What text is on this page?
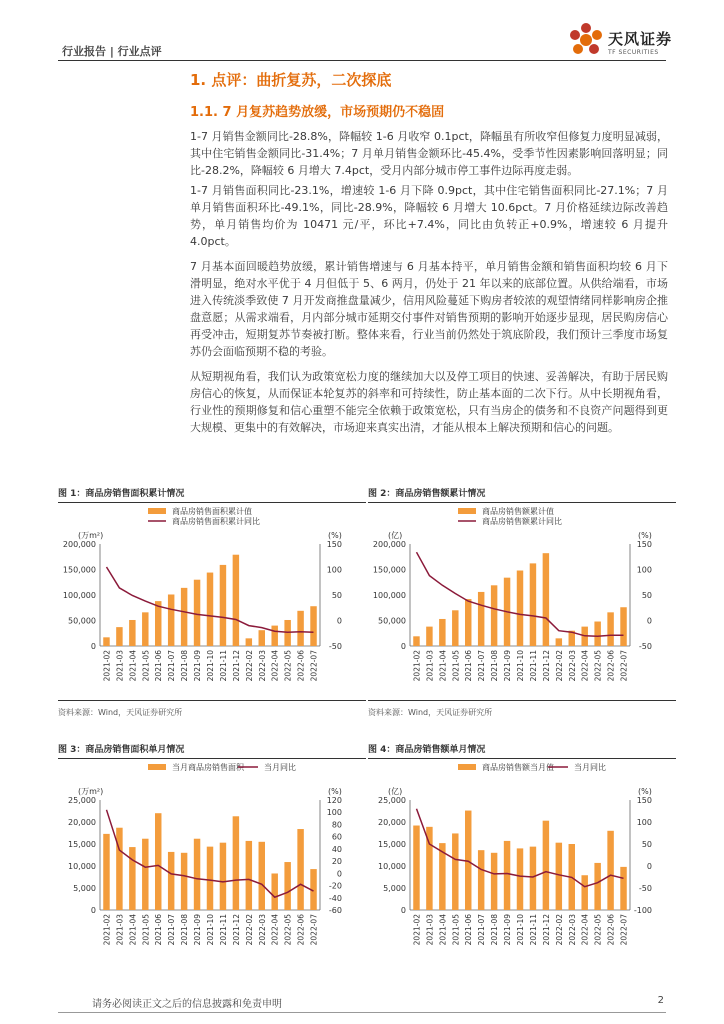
行业报告 | 行业点评
天风证券
TF SECURITIES
1. 点评：曲折复苏，二次探底
1.1. 7 月复苏趋势放缓，市场预期仍不稳固

1-7 月销售金额同比-28.8%，降幅较 1-6 月收窄 0.1pct，降幅虽有所收窄但修复力度明显减弱，其中住宅销售金额同比-31.4%；7 月单月销售金额环比-45.4%，受季节性因素影响回落明显；同比-28.2%，降幅较 6 月增大 7.4pct，受月内部分城市停工事件边际再度走弱。

1-7 月销售面积同比-23.1%，增速较 1-6 月下降 0.9pct，其中住宅销售面积同比-27.1%；7 月单月销售面积环比-49.1%，同比-28.9%，降幅较 6 月增大 10.6pct。7 月价格延续边际改善趋势，单月销售均价为 10471 元/平，环比+7.4%，同比由负转正+0.9%，增速较 6 月提升 4.0pct。

7 月基本面回暖趋势放缓，累计销售增速与 6 月基本持平，单月销售金额和销售面积均较 6 月下滑明显，绝对水平优于 4 月但低于 5、6 两月，仍处于 21 年以来的底部位置。从供给端看，市场进入传统淡季致使 7 月开发商推盘量减少，信用风险蔓延下购房者较浓的观望情绪同样影响房企推盘意愿；从需求端看，月内部分城市延期交付事件对销售预期的影响开始逐步显现，居民购房信心再受冲击，短期复苏节奏被打断。整体来看，行业当前仍然处于筑底阶段，我们预计三季度市场复苏仍会面临预期不稳的考验。

从短期视角看，我们认为政策宽松力度的继续加大以及停工项目的快速、妥善解决，有助于居民购房信心的恢复，从而保证本轮复苏的斜率和可持续性，防止基本面的二次下行。从中长期视角看，行业性的预期修复和信心重塑不能完全依赖于政策宽松，只有当房企的债务和不良资产问题得到更大规模、更集中的有效解决，市场迎来真实出清，才能从根本上解决预期和信心的问题。

图 1：商品房销售面积累计情况
商品房销售面积累计值
商品房销售面积累计同比
(万m²)	(%)
0
50,000
100,000
150,000
200,000
-50
0
50
100
150
2021-02 2021-03 2021-04 2021-05 2021-06 2021-07 2021-08 2021-09 2021-10 2021-11 2021-12 2022-02 2022-03 2022-04 2022-05 2022-06 2022-07
资料来源：Wind，天风证券研究所
图 2：商品房销售额累计情况
商品房销售额累计值
商品房销售额累计同比
(亿)	(%)
0
50,000
100,000
150,000
200,000
-50
0
50
100
150
2021-02 2021-03 2021-04 2021-05 2021-06 2021-07 2021-08 2021-09 2021-10 2021-11 2021-12 2022-02 2022-03 2022-04 2022-05 2022-06 2022-07
资料来源：Wind，天风证券研究所
图 3：商品房销售面积单月情况
当月商品房销售面积	当月同比
(万m²)	(%)
0
5,000
10,000
15,000
20,000
25,000
-60
-40
-20
0
20
40
60
80
100
120
2021-02 2021-03 2021-04 2021-05 2021-06 2021-07 2021-08 2021-09 2021-10 2021-11 2021-12 2022-02 2022-03 2022-04 2022-05 2022-06 2022-07
图 4：商品房销售额单月情况
商品房销售额当月值	当月同比
(亿)	(%)
0
5,000
10,000
15,000
20,000
25,000
-100
-50
0
50
100
150
2021-02 2021-03 2021-04 2021-05 2021-06 2021-07 2021-08 2021-09 2021-10 2021-11 2021-12 2022-02 2022-03 2022-04 2022-05 2022-06 2022-07
请务必阅读正文之后的信息披露和免责申明	2
